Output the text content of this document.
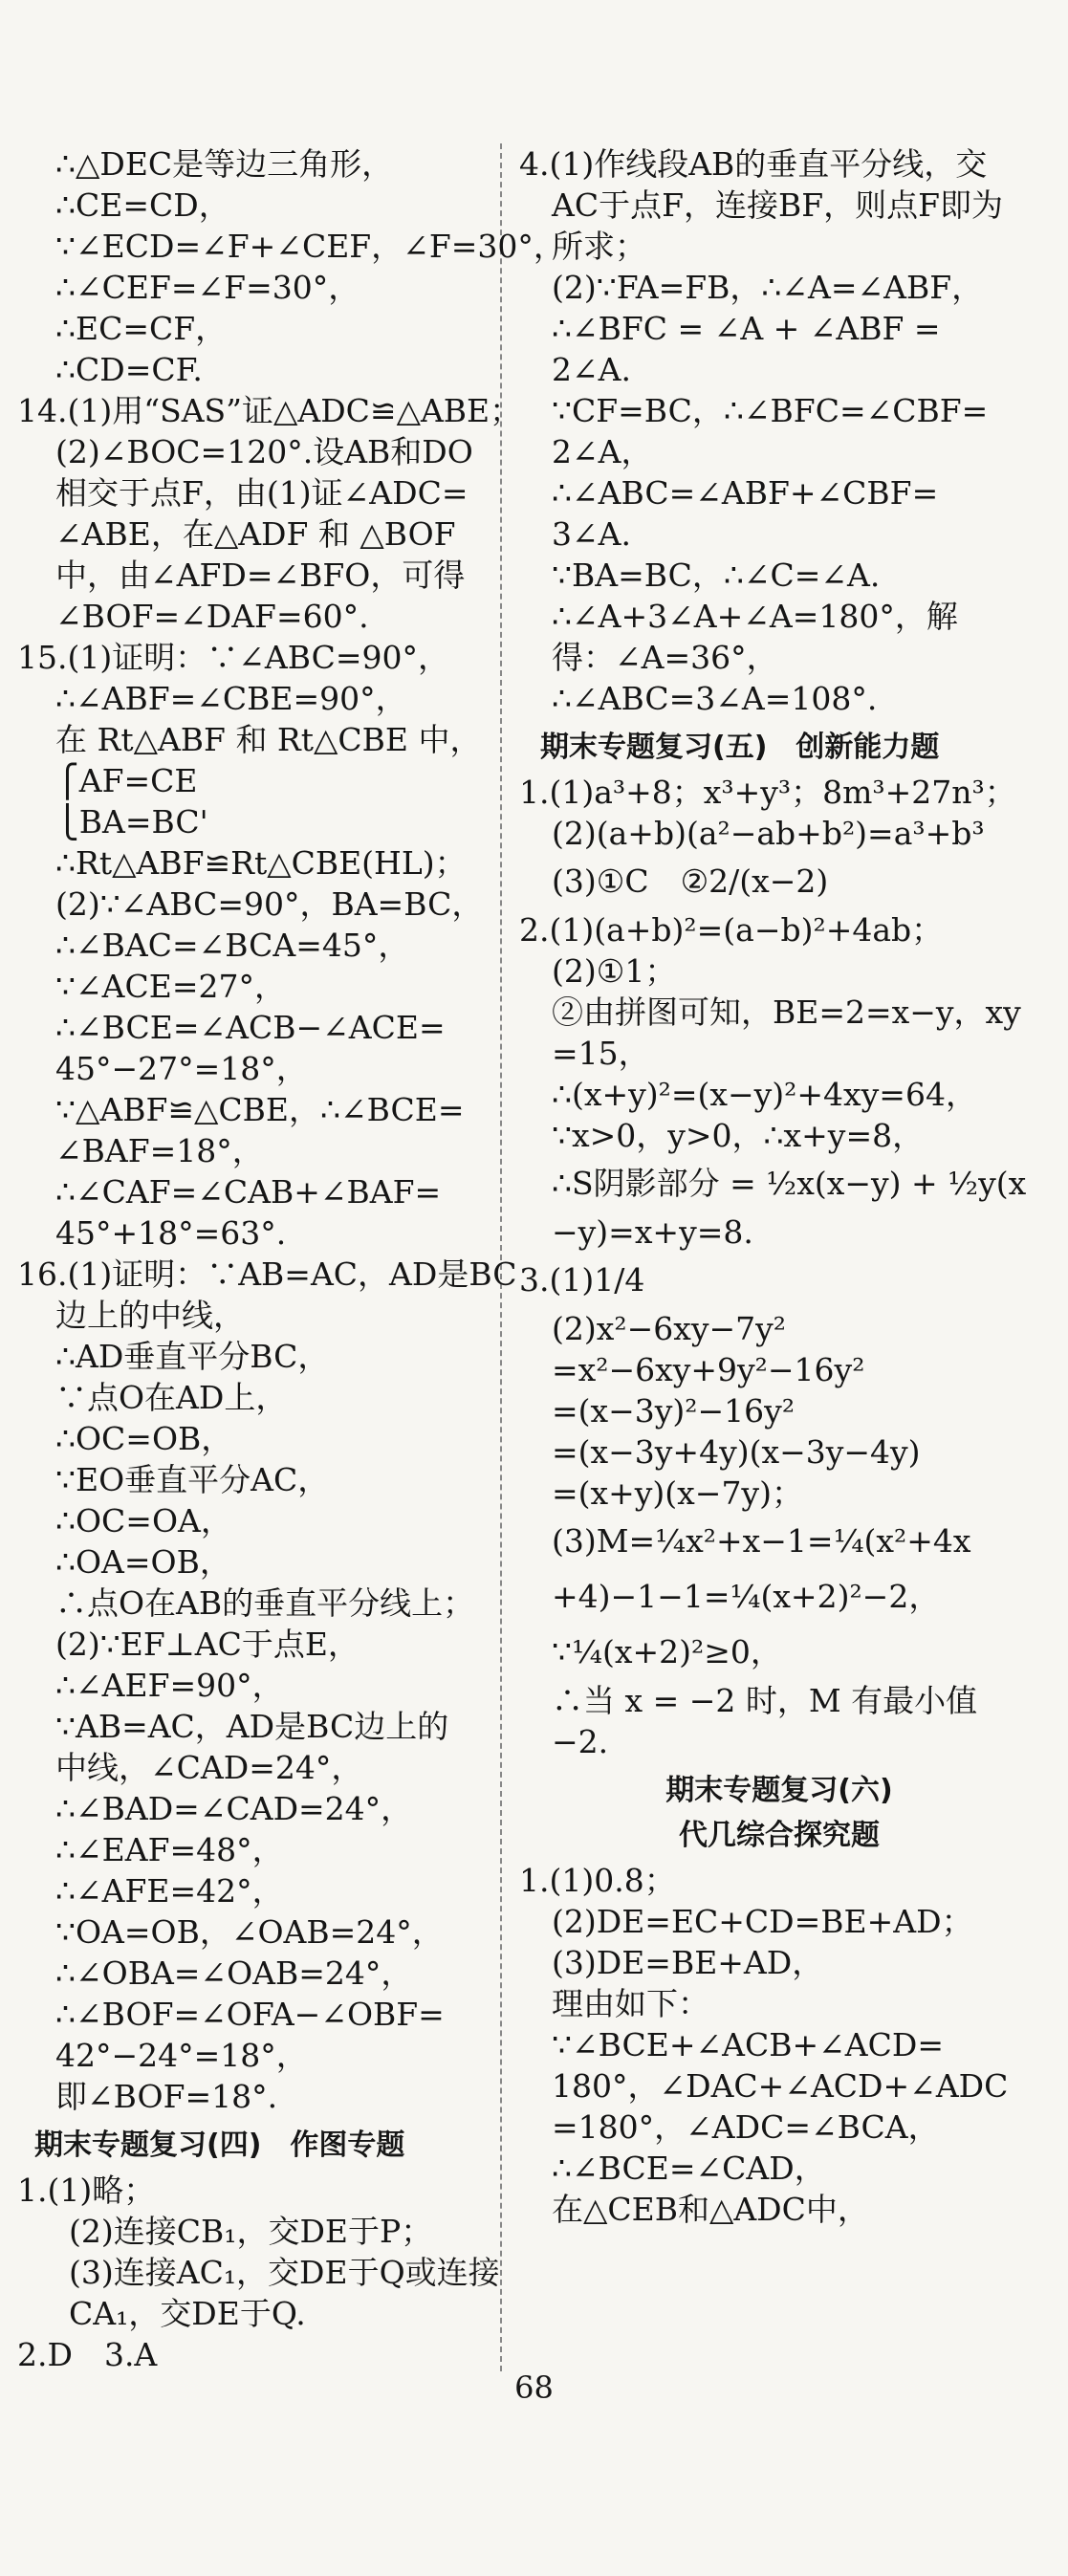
∴△DEC是等边三角形，
∴CE=CD，
∵∠ECD=∠F+∠CEF，∠F=30°，
∴∠CEF=∠F=30°，
∴EC=CF，
∴CD=CF.
14.(1)用“SAS”证△ADC≌△ABE；
(2)∠BOC=120°.设AB和DO
相交于点F，由(1)证∠ADC=
∠ABE，在△ADF 和 △BOF
中，由∠AFD=∠BFO，可得
∠BOF=∠DAF=60°.
15.(1)证明：∵∠ABC=90°，
∴∠ABF=∠CBE=90°，
在 Rt△ABF 和 Rt△CBE 中，
⎧AF=CE
⎩BA=BC'
∴Rt△ABF≌Rt△CBE(HL)；
(2)∵∠ABC=90°，BA=BC，
∴∠BAC=∠BCA=45°，
∵∠ACE=27°，
∴∠BCE=∠ACB−∠ACE=
45°−27°=18°，
∵△ABF≌△CBE，∴∠BCE=
∠BAF=18°，
∴∠CAF=∠CAB+∠BAF=
45°+18°=63°.
16.(1)证明：∵AB=AC，AD是BC
边上的中线，
∴AD垂直平分BC，
∵点O在AD上，
∴OC=OB，
∵EO垂直平分AC，
∴OC=OA，
∴OA=OB，
∴点O在AB的垂直平分线上；
(2)∵EF⊥AC于点E，
∴∠AEF=90°，
∵AB=AC，AD是BC边上的
中线，∠CAD=24°，
∴∠BAD=∠CAD=24°，
∴∠EAF=48°，
∴∠AFE=42°，
∵OA=OB，∠OAB=24°，
∴∠OBA=∠OAB=24°，
∴∠BOF=∠OFA−∠OBF=
42°−24°=18°，
即∠BOF=18°.
期末专题复习(四)　作图专题
1.(1)略；
(2)连接CB₁，交DE于P；
(3)连接AC₁，交DE于Q或连接
CA₁，交DE于Q.
2.D　3.A
4.(1)作线段AB的垂直平分线，交
AC于点F，连接BF，则点F即为
所求；
(2)∵FA=FB，∴∠A=∠ABF，
∴∠BFC = ∠A + ∠ABF =
2∠A.
∵CF=BC，∴∠BFC=∠CBF=
2∠A，
∴∠ABC=∠ABF+∠CBF=
3∠A.
∵BA=BC，∴∠C=∠A.
∴∠A+3∠A+∠A=180°，解
得：∠A=36°，
∴∠ABC=3∠A=108°.
期末专题复习(五)　创新能力题
1.(1)a³+8；x³+y³；8m³+27n³；
(2)(a+b)(a²−ab+b²)=a³+b³
(3)①C　②2/(x−2)
2.(1)(a+b)²=(a−b)²+4ab；
(2)①1；
②由拼图可知，BE=2=x−y，xy
=15，
∴(x+y)²=(x−y)²+4xy=64，
∵x>0，y>0，∴x+y=8，
∴S阴影部分 = ½x(x−y) + ½y(x
−y)=x+y=8.
3.(1)1/4
(2)x²−6xy−7y²
=x²−6xy+9y²−16y²
=(x−3y)²−16y²
=(x−3y+4y)(x−3y−4y)
=(x+y)(x−7y)；
(3)M=¼x²+x−1=¼(x²+4x
+4)−1−1=¼(x+2)²−2，
∵¼(x+2)²≥0，
∴当 x = −2 时，M 有最小值
−2.
期末专题复习(六)
代几综合探究题
1.(1)0.8；
(2)DE=EC+CD=BE+AD；
(3)DE=BE+AD，
理由如下：
∵∠BCE+∠ACB+∠ACD=
180°，∠DAC+∠ACD+∠ADC
=180°，∠ADC=∠BCA，
∴∠BCE=∠CAD，
在△CEB和△ADC中，
68
